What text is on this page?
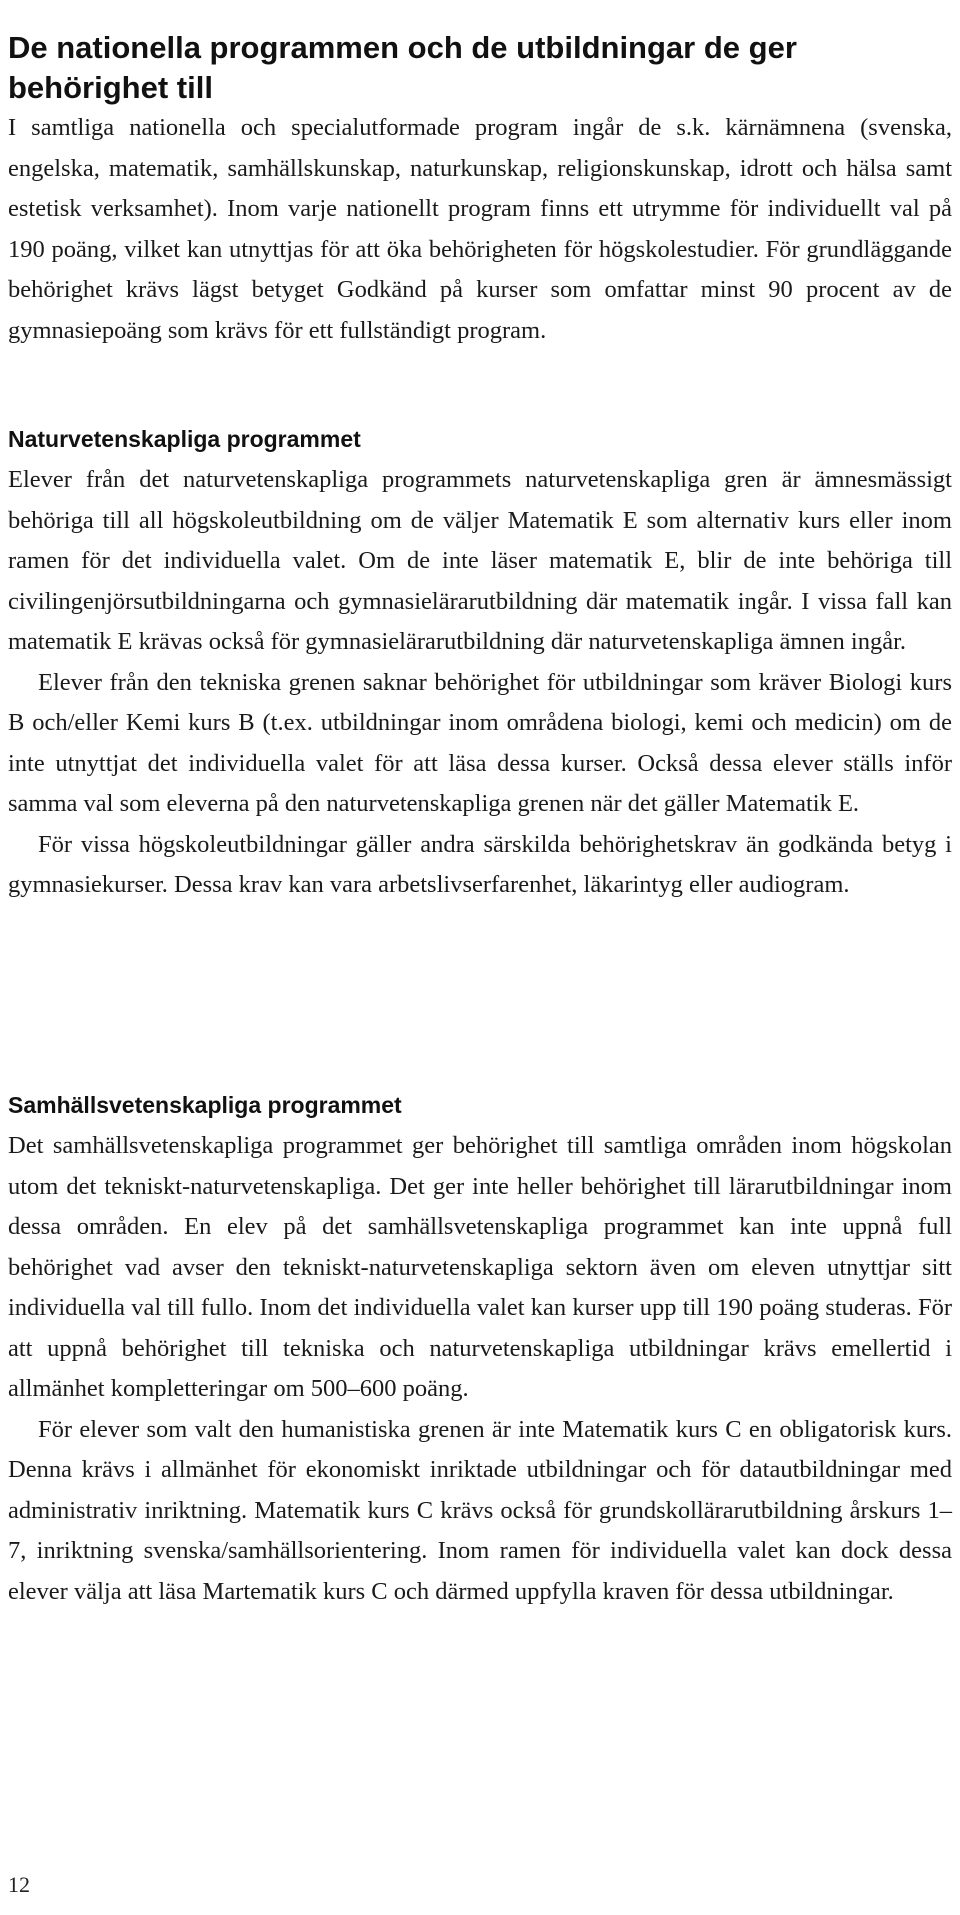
De nationella programmen och de utbildningar de ger behörighet till

I samtliga nationella och specialutformade program ingår de s.k. kärnämnena (svenska, engelska, matematik, samhällskunskap, naturkunskap, religionskunskap, idrott och hälsa samt estetisk verksamhet). Inom varje nationellt program finns ett utrymme för individuellt val på 190 poäng, vilket kan utnyttjas för att öka behörigheten för högskolestudier. För grundläggande behörighet krävs lägst betyget Godkänd på kurser som omfattar minst 90 procent av de gymnasiepoäng som krävs för ett fullständigt program.

Naturvetenskapliga programmet

Elever från det naturvetenskapliga programmets naturvetenskapliga gren är ämnesmässigt behöriga till all högskoleutbildning om de väljer Matematik E som alternativ kurs eller inom ramen för det individuella valet. Om de inte läser matematik E, blir de inte behöriga till civilingenjörsutbildningarna och gymnasielärarutbildning där matematik ingår. I vissa fall kan matematik E krävas också för gymnasielärarutbildning där naturvetenskapliga ämnen ingår.

Elever från den tekniska grenen saknar behörighet för utbildningar som kräver Biologi kurs B och/eller Kemi kurs B (t.ex. utbildningar inom områdena biologi, kemi och medicin) om de inte utnyttjat det individuella valet för att läsa dessa kurser. Också dessa elever ställs inför samma val som eleverna på den naturvetenskapliga grenen när det gäller Matematik E.

För vissa högskoleutbildningar gäller andra särskilda behörighetskrav än godkända betyg i gymnasiekurser. Dessa krav kan vara arbetslivserfarenhet, läkarintyg eller audiogram.

Samhällsvetenskapliga programmet

Det samhällsvetenskapliga programmet ger behörighet till samtliga områden inom högskolan utom det tekniskt-naturvetenskapliga. Det ger inte heller behörighet till lärarutbildningar inom dessa områden. En elev på det samhällsvetenskapliga programmet kan inte uppnå full behörighet vad avser den tekniskt-naturvetenskapliga sektorn även om eleven utnyttjar sitt individuella val till fullo. Inom det individuella valet kan kurser upp till 190 poäng studeras. För att uppnå behörighet till tekniska och naturvetenskapliga utbildningar krävs emellertid i allmänhet kompletteringar om 500–600 poäng.

För elever som valt den humanistiska grenen är inte Matematik kurs C en obligatorisk kurs. Denna krävs i allmänhet för ekonomiskt inriktade utbildningar och för datautbildningar med administrativ inriktning. Matematik kurs C krävs också för grundskollärarutbildning årskurs 1–7, inriktning svenska/samhällsorientering. Inom ramen för individuella valet kan dock dessa elever välja att läsa Martematik kurs C och därmed uppfylla kraven för dessa utbildningar.

12
